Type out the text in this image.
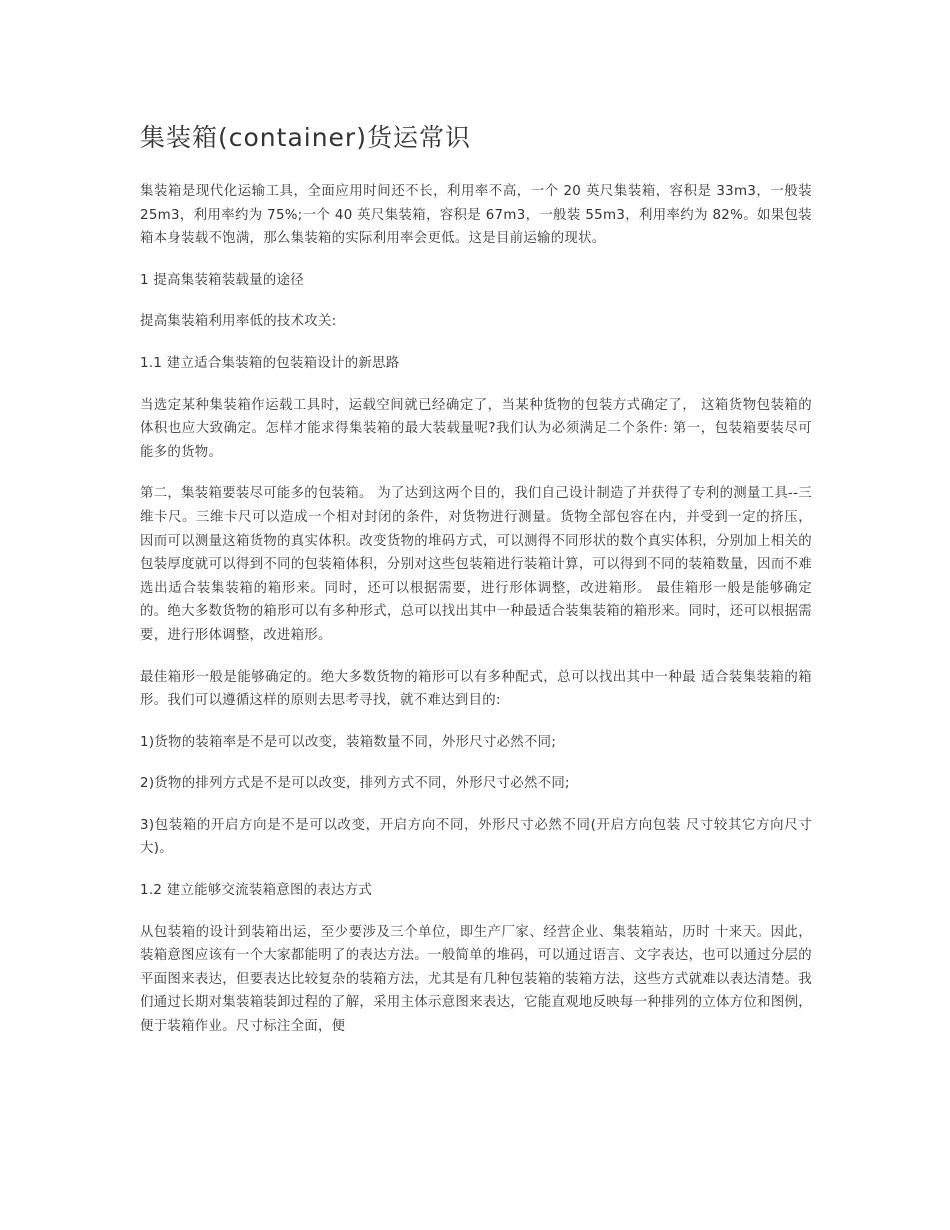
集装箱(container)货运常识

集装箱是现代化运输工具，全面应用时间还不长，利用率不高，一个 20 英尺集装箱，容积是 33m3，一般装 25m3，利用率约为 75%;一个 40 英尺集装箱，容积是 67m3，一般装 55m3，利用率约为 82%。如果包装箱本身装载不饱满，那么集装箱的实际利用率会更低。这是目前运输的现状。

1 提高集装箱装载量的途径

提高集装箱利用率低的技术攻关:

1.1 建立适合集装箱的包装箱设计的新思路

当选定某种集装箱作运载工具时，运载空间就已经确定了，当某种货物的包装方式确定了， 这箱货物包装箱的体积也应大致确定。怎样才能求得集装箱的最大装载量呢?我们认为必须满足二个条件: 第一，包装箱要装尽可能多的货物。

第二，集装箱要装尽可能多的包装箱。 为了达到这两个目的，我们自己设计制造了并获得了专利的测量工具--三维卡尺。三维卡尺可以造成一个相对封闭的条件，对货物进行测量。货物全部包容在内，并受到一定的挤压， 因而可以测量这箱货物的真实体积。改变货物的堆码方式，可以测得不同形状的数个真实体积，分别加上相关的包装厚度就可以得到不同的包装箱体积，分别对这些包装箱进行装箱计算，可以得到不同的装箱数量，因而不难选出适合装集装箱的箱形来。同时，还可以根据需要，进行形体调整，改进箱形。 最佳箱形一般是能够确定的。绝大多数货物的箱形可以有多种形式，总可以找出其中一种最适合装集装箱的箱形来。同时，还可以根据需要，进行形体调整，改进箱形。

最佳箱形一般是能够确定的。绝大多数货物的箱形可以有多种配式，总可以找出其中一种最 适合装集装箱的箱形。我们可以遵循这样的原则去思考寻找，就不难达到目的:

1)货物的装箱率是不是可以改变，装箱数量不同，外形尺寸必然不同;

2)货物的排列方式是不是可以改变，排列方式不同，外形尺寸必然不同;

3)包装箱的开启方向是不是可以改变，开启方向不同，外形尺寸必然不同(开启方向包装 尺寸较其它方向尺寸大)。

1.2 建立能够交流装箱意图的表达方式

从包装箱的设计到装箱出运，至少要涉及三个单位，即生产厂家、经营企业、集装箱站，历时 十来天。因此，装箱意图应该有一个大家都能明了的表达方法。一般简单的堆码，可以通过语言、文字表达，也可以通过分层的平面图来表达，但要表达比较复杂的装箱方法，尤其是有几种包装箱的装箱方法，这些方式就难以表达清楚。我们通过长期对集装箱装卸过程的了解，采用主体示意图来表达，它能直观地反映每一种排列的立体方位和图例，便于装箱作业。尺寸标注全面，便
